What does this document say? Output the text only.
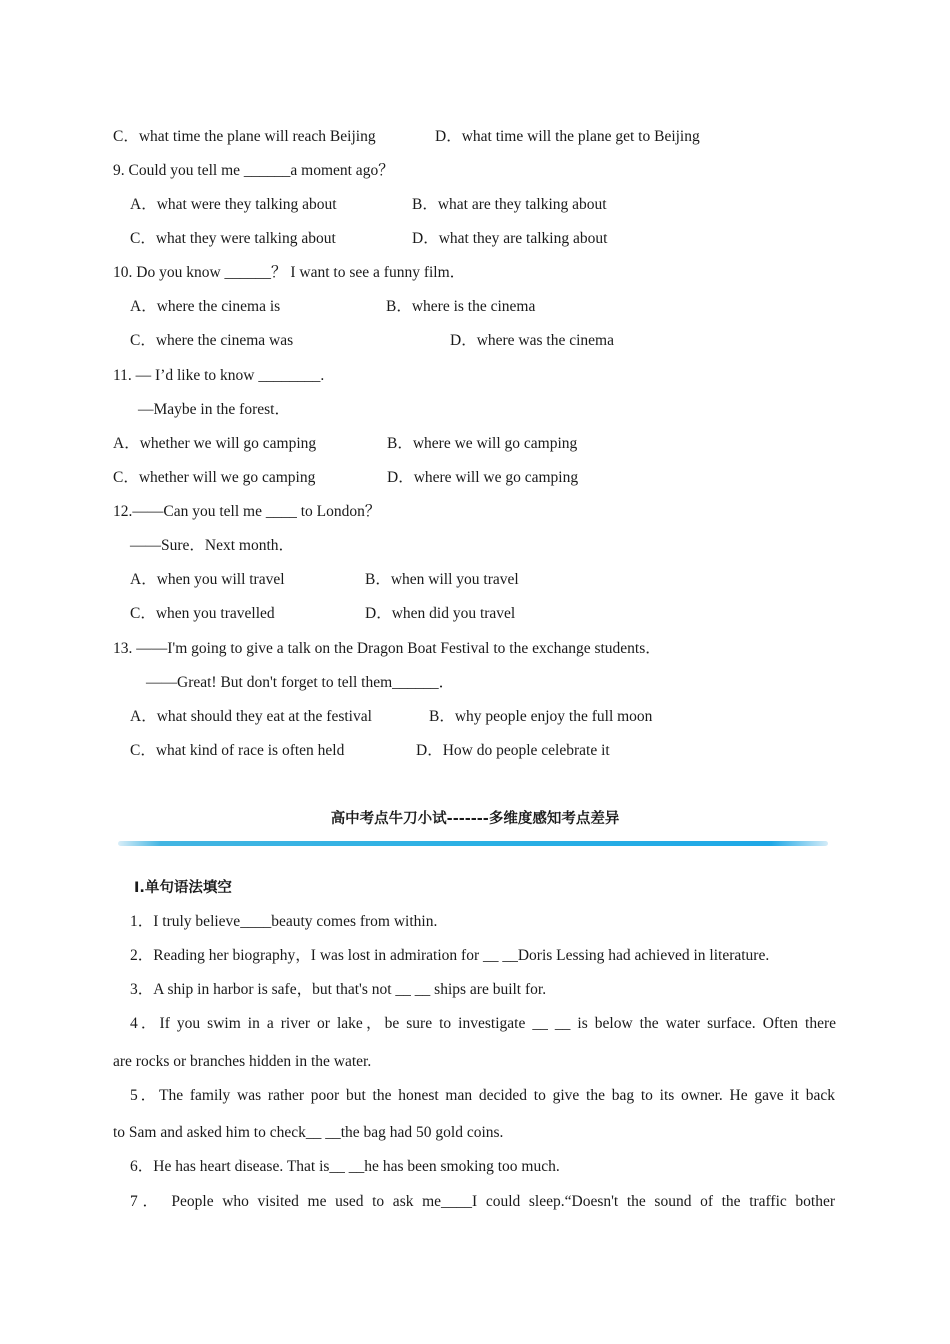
C．what time the plane will reach Beijing	D．what time will the plane get to Beijing
9. Could you tell me ______a moment ago？
A．what were they talking about	B．what are they talking about
C．what they were talking about	D．what they are talking about
10. Do you know ______？ I want to see a funny film．
A．where the cinema is	B．where is the cinema
C．where the cinema was	D．where was the cinema
11. — I’d like to know ________.
—Maybe in the forest．
A．whether we will go camping	B．where we will go camping
C．whether will we go camping	D．where will we go camping
12.——Can you tell me ____ to London？
——Sure．Next month．
A．when you will travel	B．when will you travel
C．when you travelled	D．when did you travel
13. ——I'm going to give a talk on the Dragon Boat Festival to the exchange students．
——Great! But don't forget to tell them______．
A．what should they eat at the festival	B．why people enjoy the full moon
C．what kind of race is often held	D．How do people celebrate it
高中考点牛刀小试-------多维度感知考点差异
Ⅰ.单句语法填空
1．I truly believe____beauty comes from within.
2．Reading her biography，I was lost in admiration for __ __Doris Lessing had achieved in literature.
3．A ship in harbor is safe，but that's not __ __ ships are built for.
4．If you swim in a river or lake，be sure to investigate __ __ is below the water surface. Often there
are rocks or branches hidden in the water.
5．The family was rather poor but the honest man decided to give the bag to its owner. He gave it back
to Sam and asked him to check__ __the bag had 50 gold coins.
6．He has heart disease. That is__ __he has been smoking too much.
7． People who visited me used to ask me____I could sleep.“Doesn't the sound of the traffic bother
